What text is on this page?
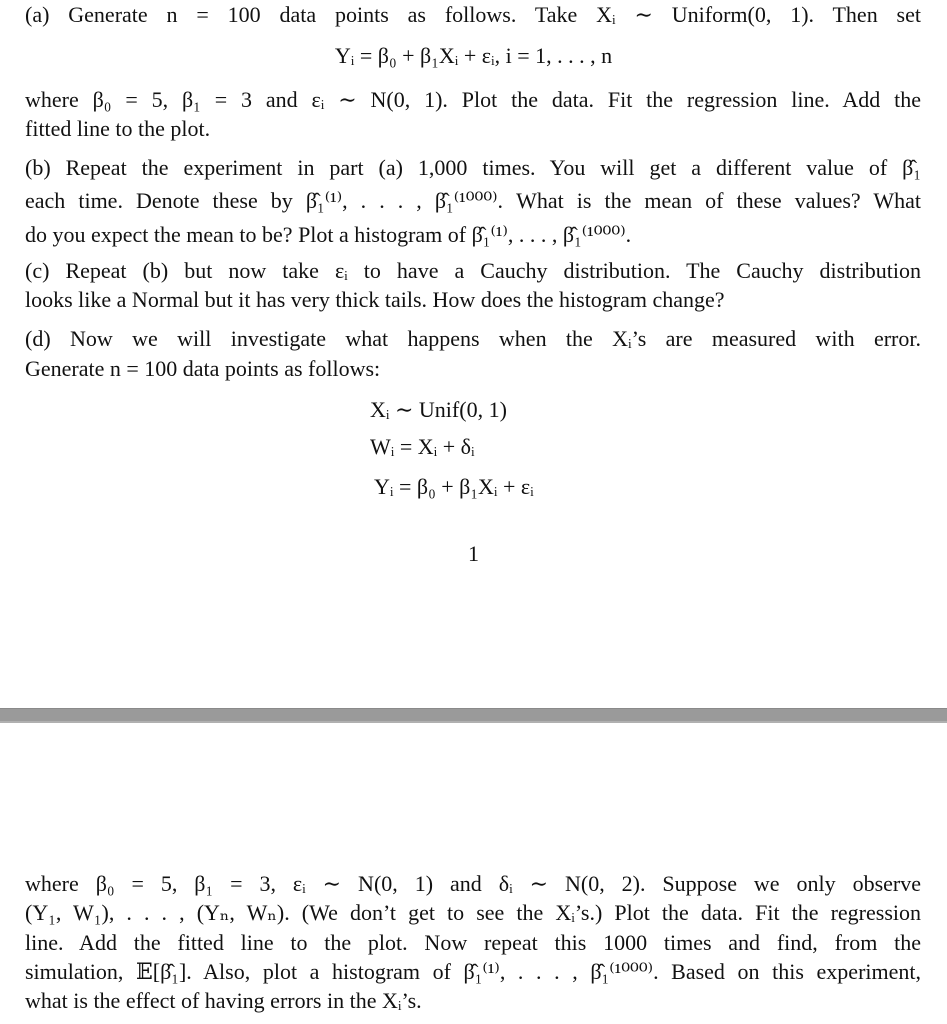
(a) Generate n = 100 data points as follows. Take Xᵢ ∼ Uniform(0, 1). Then set
Yᵢ = β₀ + β₁Xᵢ + εᵢ, i = 1, . . . , n
where β₀ = 5, β₁ = 3 and εᵢ ∼ N(0, 1). Plot the data. Fit the regression line. Add the
fitted line to the plot.
(b) Repeat the experiment in part (a) 1,000 times. You will get a different value of β̂₁
each time. Denote these by β̂₁⁽¹⁾, . . . , β̂₁⁽¹⁰⁰⁰⁾. What is the mean of these values? What
do you expect the mean to be? Plot a histogram of β̂₁⁽¹⁾, . . . , β̂₁⁽¹⁰⁰⁰⁾.
(c) Repeat (b) but now take εᵢ to have a Cauchy distribution. The Cauchy distribution
looks like a Normal but it has very thick tails. How does the histogram change?
(d) Now we will investigate what happens when the Xᵢ’s are measured with error.
Generate n = 100 data points as follows:
Xᵢ ∼ Unif(0, 1)
Wᵢ = Xᵢ + δᵢ
Yᵢ = β₀ + β₁Xᵢ + εᵢ
1
where β₀ = 5, β₁ = 3, εᵢ ∼ N(0, 1) and δᵢ ∼ N(0, 2). Suppose we only observe
(Y₁, W₁), . . . , (Yₙ, Wₙ). (We don’t get to see the Xᵢ’s.) Plot the data. Fit the regression
line. Add the fitted line to the plot. Now repeat this 1000 times and find, from the
simulation, 𝔼[β̂₁]. Also, plot a histogram of β̂₁⁽¹⁾, . . . , β̂₁⁽¹⁰⁰⁰⁾. Based on this experiment,
what is the effect of having errors in the Xᵢ’s.
